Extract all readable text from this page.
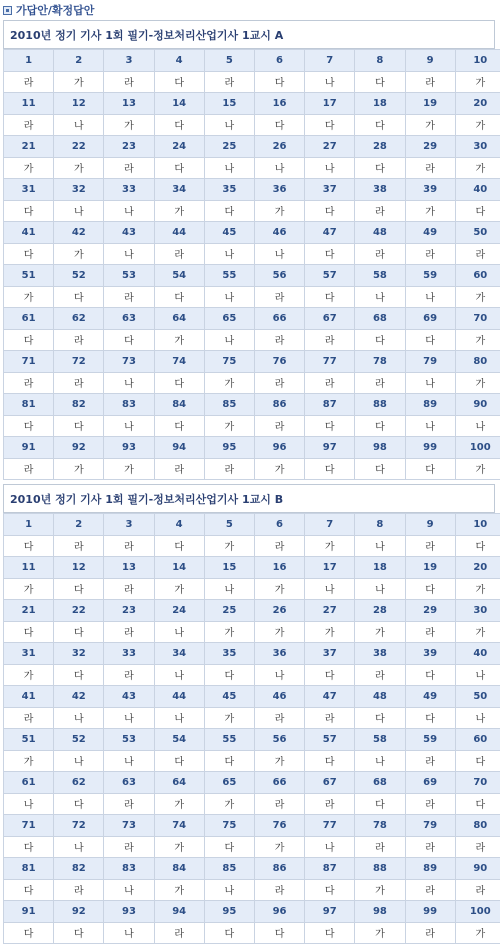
가답안/확정답안
2010년 정기 기사 1회 필기-정보처리산업기사 1교시 A
1	2	3	4	5	6	7	8	9	10
라	가	라	다	라	다	나	다	라	가
11	12	13	14	15	16	17	18	19	20
라	나	가	다	나	다	다	다	가	가
21	22	23	24	25	26	27	28	29	30
가	가	라	다	나	나	나	다	라	가
31	32	33	34	35	36	37	38	39	40
다	나	나	가	다	가	다	라	가	다
41	42	43	44	45	46	47	48	49	50
다	가	나	라	나	나	다	라	라	라
51	52	53	54	55	56	57	58	59	60
가	다	라	다	나	라	다	나	나	가
61	62	63	64	65	66	67	68	69	70
다	라	다	가	나	라	라	다	다	가
71	72	73	74	75	76	77	78	79	80
라	라	나	다	가	라	라	라	나	가
81	82	83	84	85	86	87	88	89	90
다	다	나	다	가	라	다	다	나	나
91	92	93	94	95	96	97	98	99	100
라	가	가	라	라	가	다	다	다	가
2010년 정기 기사 1회 필기-정보처리산업기사 1교시 B
1	2	3	4	5	6	7	8	9	10
다	라	라	다	가	라	가	나	라	다
11	12	13	14	15	16	17	18	19	20
가	다	라	가	나	가	나	나	다	가
21	22	23	24	25	26	27	28	29	30
다	다	라	나	가	가	가	가	라	가
31	32	33	34	35	36	37	38	39	40
가	다	라	나	다	나	다	라	다	나
41	42	43	44	45	46	47	48	49	50
라	나	나	나	가	라	라	다	다	나
51	52	53	54	55	56	57	58	59	60
가	나	나	다	다	가	다	나	라	다
61	62	63	64	65	66	67	68	69	70
나	다	라	가	가	라	라	다	라	다
71	72	73	74	75	76	77	78	79	80
다	나	라	가	다	가	나	라	라	라
81	82	83	84	85	86	87	88	89	90
다	라	나	가	나	라	다	가	라	라
91	92	93	94	95	96	97	98	99	100
다	다	나	라	다	다	다	가	라	가
